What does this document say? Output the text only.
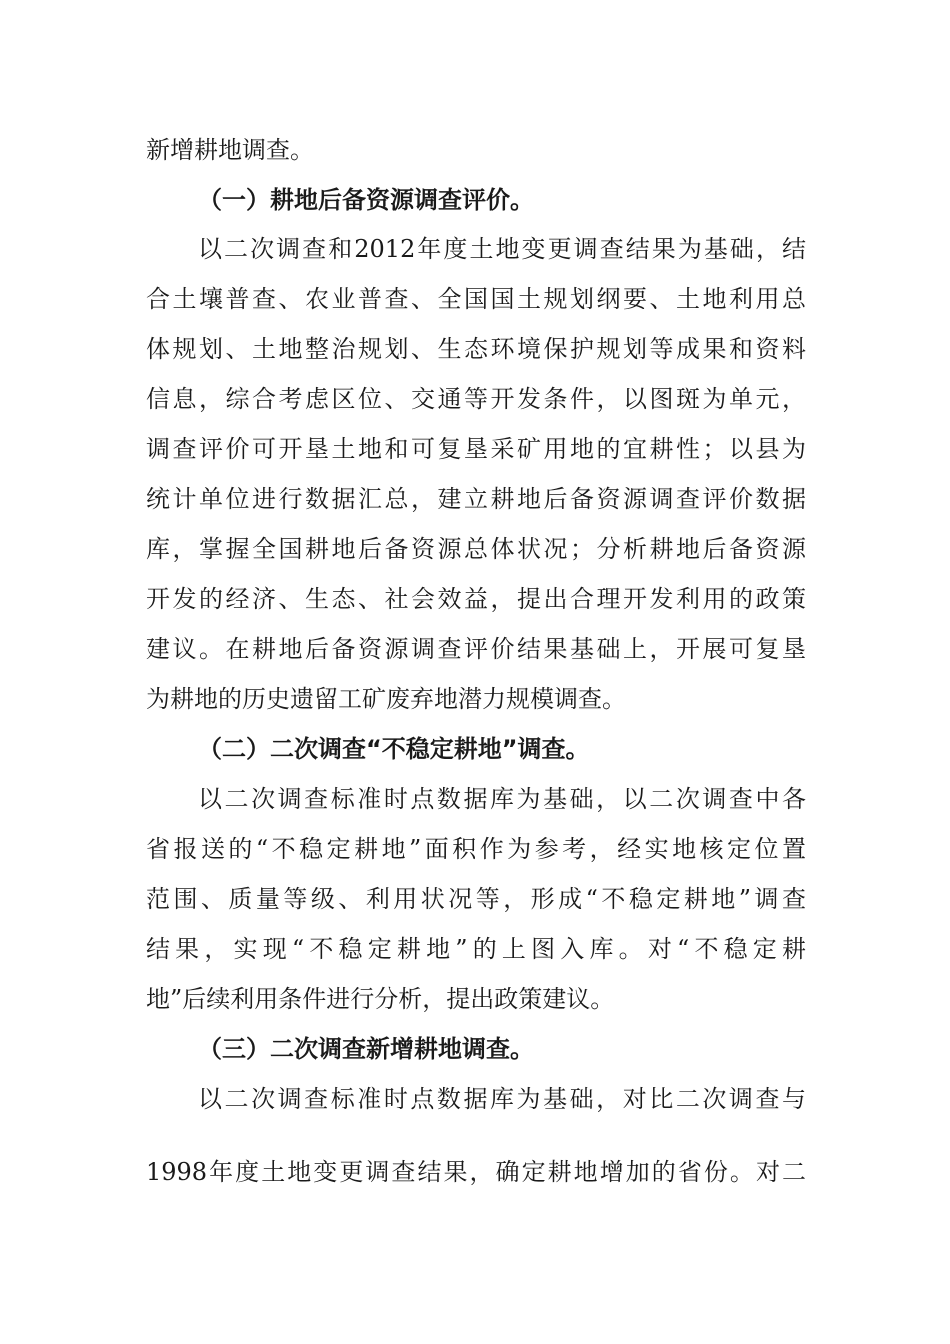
新增耕地调查。
（一）耕地后备资源调查评价。
以二次调查和2012年度土地变更调查结果为基础，结
合土壤普查、农业普查、全国国土规划纲要、土地利用总
体规划、土地整治规划、生态环境保护规划等成果和资料
信息，综合考虑区位、交通等开发条件，以图斑为单元，
调查评价可开垦土地和可复垦采矿用地的宜耕性；以县为
统计单位进行数据汇总，建立耕地后备资源调查评价数据
库，掌握全国耕地后备资源总体状况；分析耕地后备资源
开发的经济、生态、社会效益，提出合理开发利用的政策
建议。在耕地后备资源调查评价结果基础上，开展可复垦
为耕地的历史遗留工矿废弃地潜力规模调查。
（二）二次调查“不稳定耕地”调查。
以二次调查标准时点数据库为基础，以二次调查中各
省报送的“不稳定耕地”面积作为参考，经实地核定位置
范围、质量等级、利用状况等，形成“不稳定耕地”调查
结果，实现“不稳定耕地”的上图入库。对“不稳定耕
地”后续利用条件进行分析，提出政策建议。
（三）二次调查新增耕地调查。
以二次调查标准时点数据库为基础，对比二次调查与
1998年度土地变更调查结果，确定耕地增加的省份。对二
